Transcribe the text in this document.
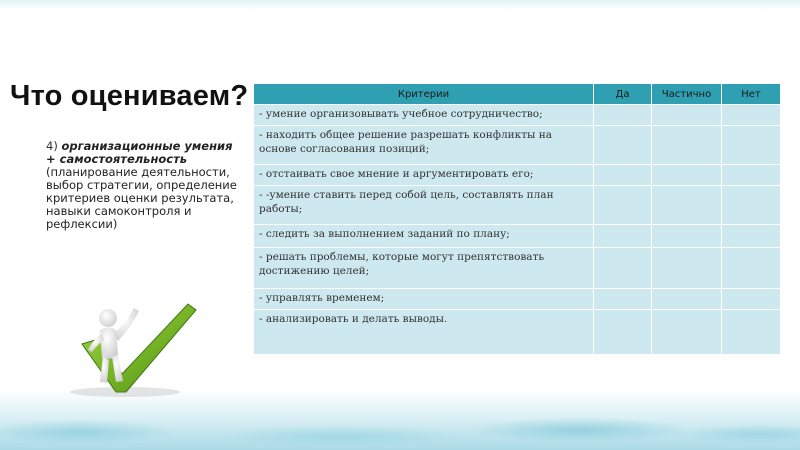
Что оцениваем?
4) организационные умения + самостоятельность (планирование деятельности, выбор стратегии, определение критериев оценки результата, навыки самоконтроля и рефлексии)
Критерии	Да	Частично	Нет
- умение организовывать учебное сотрудничество;			
- находить общее решение разрешать конфликты на основе согласования позиций;			
- отстаивать свое мнение и аргументировать его;			
- -умение ставить перед собой цель, составлять план работы;			
- следить за выполнением заданий по плану;			
- решать проблемы, которые могут препятствовать достижению целей;			
- управлять временем;			
- анализировать и делать выводы.			
